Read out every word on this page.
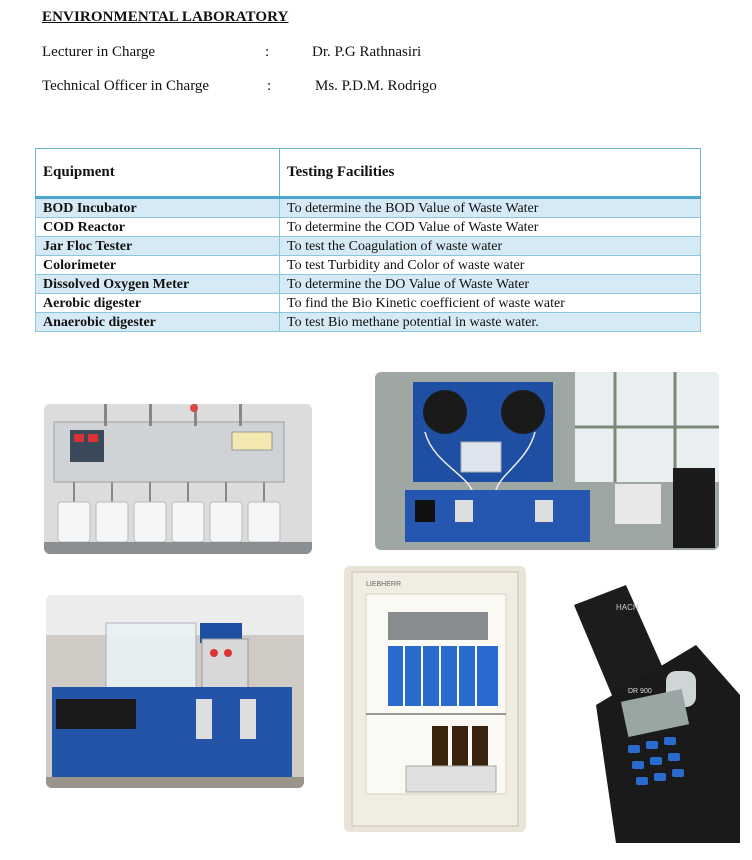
ENVIRONMENTAL LABORATORY
Lecturer in Charge	:	Dr. P.G Rathnasiri
Technical Officer in Charge	:	Ms. P.D.M. Rodrigo
Equipment	Testing Facilities
BOD Incubator	To determine the BOD Value of Waste Water
COD Reactor	To determine the COD Value of Waste Water
Jar Floc Tester	To test the Coagulation of waste water
Colorimeter	To test Turbidity and Color of waste water
Dissolved Oxygen Meter	To determine the DO Value of Waste Water
Aerobic digester	To find the Bio Kinetic coefficient of waste water
Anaerobic digester	To test Bio methane potential in waste water.
LIEBHERR
HACH
DR 900
